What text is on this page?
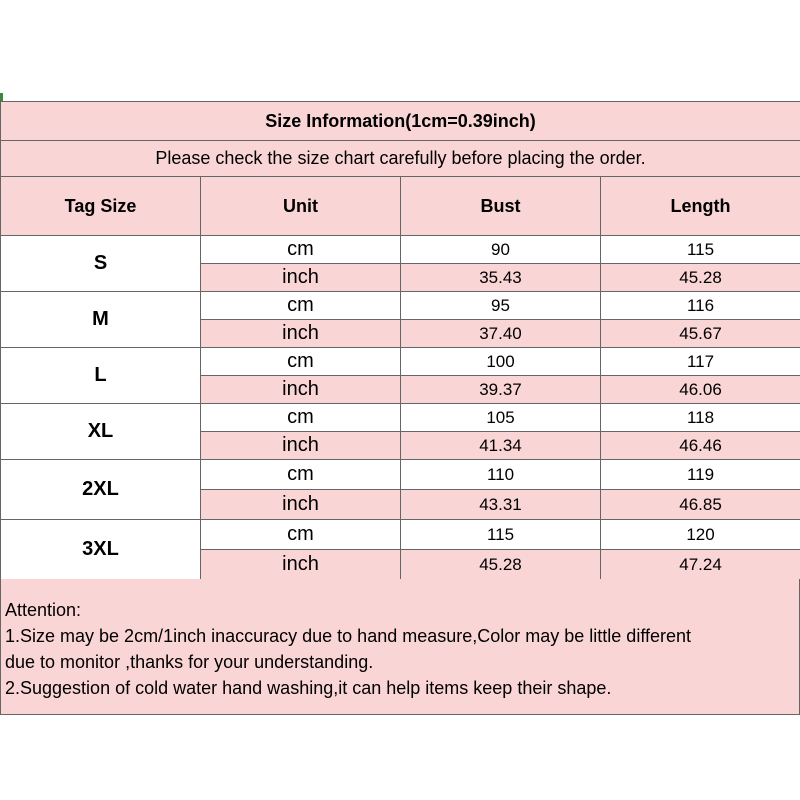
Size Information(1cm=0.39inch)			
Please check the size chart carefully before placing the order.			
Tag Size	Unit	Bust	Length
S	cm	90	115
	inch	35.43	45.28
M	cm	95	116
	inch	37.40	45.67
L	cm	100	117
	inch	39.37	46.06
XL	cm	105	118
	inch	41.34	46.46
2XL	cm	110	119
	inch	43.31	46.85
3XL	cm	115	120
	inch	45.28	47.24

Attention:

1.Size may be 2cm/1inch inaccuracy due to hand measure,Color may be little different

due to monitor ,thanks for your understanding.

2.Suggestion of cold water hand washing,it can help items keep their shape.
